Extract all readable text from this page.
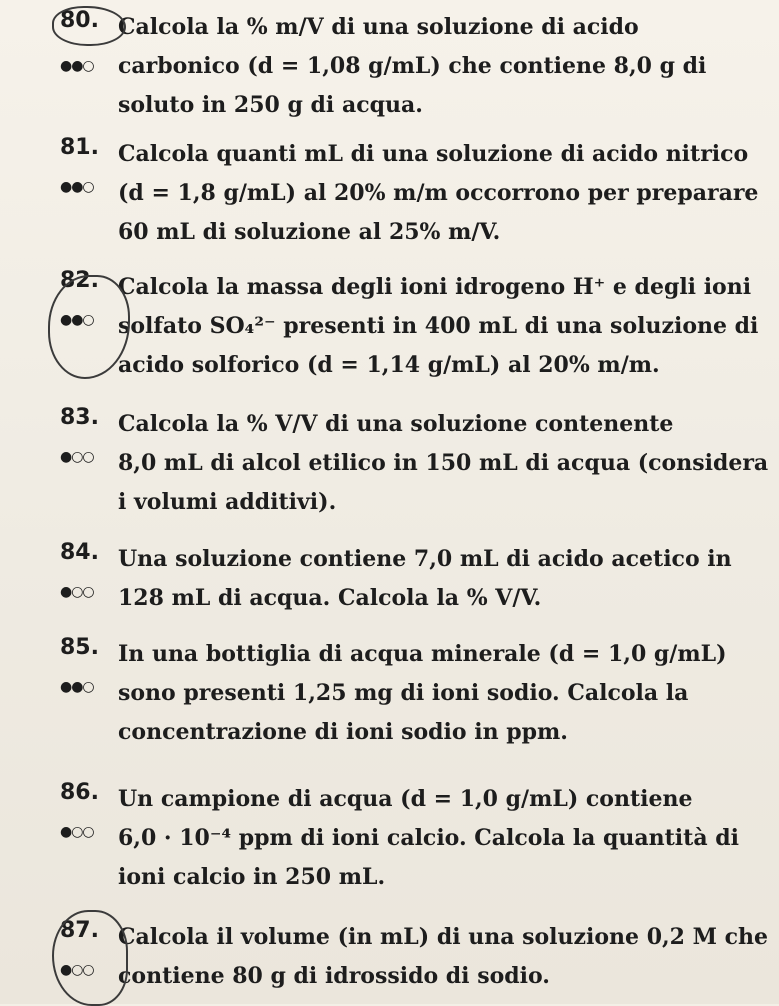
80.
●●○
Calcola la % m/V di una soluzione di acido
carbonico (d = 1,08 g/mL) che contiene 8,0 g di
soluto in 250 g di acqua.
81.
●●○
Calcola quanti mL di una soluzione di acido nitrico
(d = 1,8 g/mL) al 20% m/m occorrono per preparare
60 mL di soluzione al 25% m/V.
82.
●●○
Calcola la massa degli ioni idrogeno H⁺ e degli ioni
solfato SO₄²⁻ presenti in 400 mL di una soluzione di
acido solforico (d = 1,14 g/mL) al 20% m/m.
83.
●○○
Calcola la % V/V di una soluzione contenente
8,0 mL di alcol etilico in 150 mL di acqua (considera
i volumi additivi).
84.
●○○
Una soluzione contiene 7,0 mL di acido acetico in
128 mL di acqua. Calcola la % V/V.
85.
●●○
In una bottiglia di acqua minerale (d = 1,0 g/mL)
sono presenti 1,25 mg di ioni sodio. Calcola la
concentrazione di ioni sodio in ppm.
86.
●○○
Un campione di acqua (d = 1,0 g/mL) contiene
6,0 · 10⁻⁴ ppm di ioni calcio. Calcola la quantità di
ioni calcio in 250 mL.
87.
●○○
Calcola il volume (in mL) di una soluzione 0,2 M che
contiene 80 g di idrossido di sodio.
